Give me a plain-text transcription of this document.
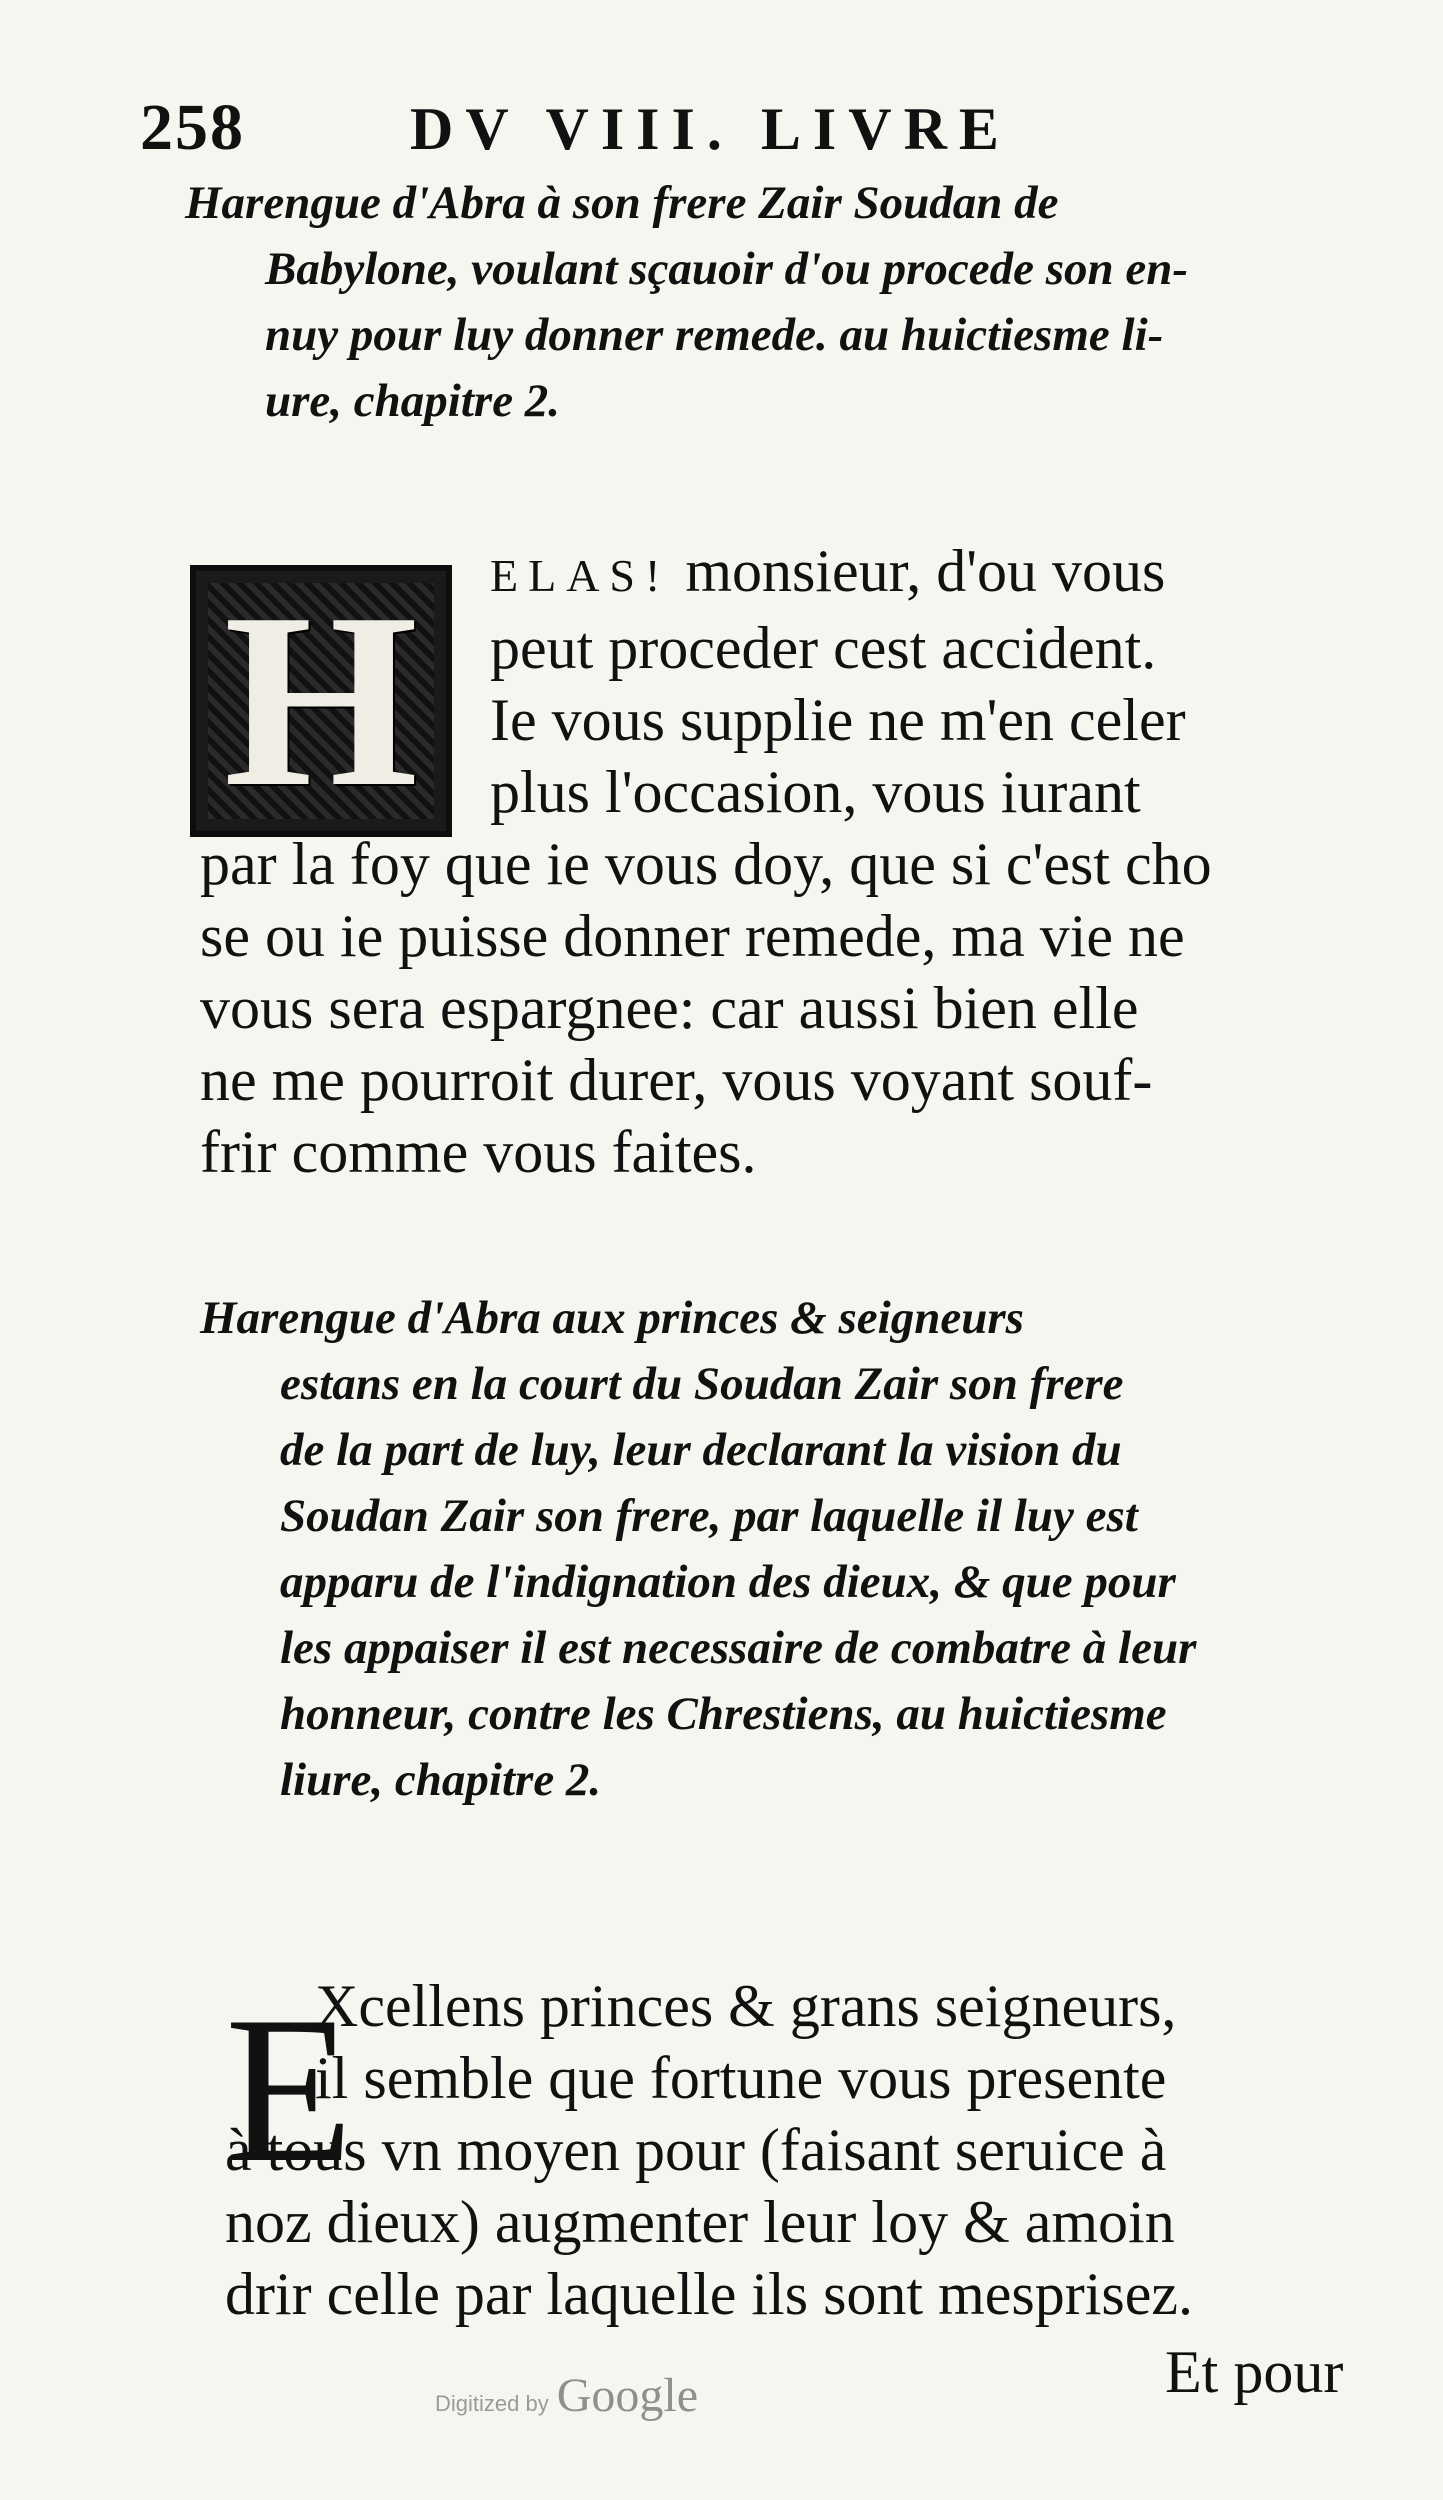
258	DV VIII. LIVRE
Harengue d'Abra à son frere Zair Soudan de
Babylone, voulant sçauoir d'ou procede son en-
nuy pour luy donner remede. au huictiesme li-
ure, chapitre 2.
H	ELAS! monsieur, d'ou vous
peut proceder cest accident.
Ie vous supplie ne m'en celer
plus l'occasion, vous iurant
par la foy que ie vous doy, que si c'est cho
se ou ie puisse donner remede, ma vie ne
vous sera espargnee: car aussi bien elle
ne me pourroit durer, vous voyant souf-
frir comme vous faites.
Harengue d'Abra aux princes & seigneurs
estans en la court du Soudan Zair son frere
de la part de luy, leur declarant la vision du
Soudan Zair son frere, par laquelle il luy est
apparu de l'indignation des dieux, & que pour
les appaiser il est necessaire de combatre à leur
honneur, contre les Chrestiens, au huictiesme
liure, chapitre 2.
E
Xcellens princes & grans seigneurs,
il semble que fortune vous presente
à tous vn moyen pour (faisant seruice à
noz dieux) augmenter leur loy & amoin
drir celle par laquelle ils sont mesprisez.
Et pour
Digitized by Google
